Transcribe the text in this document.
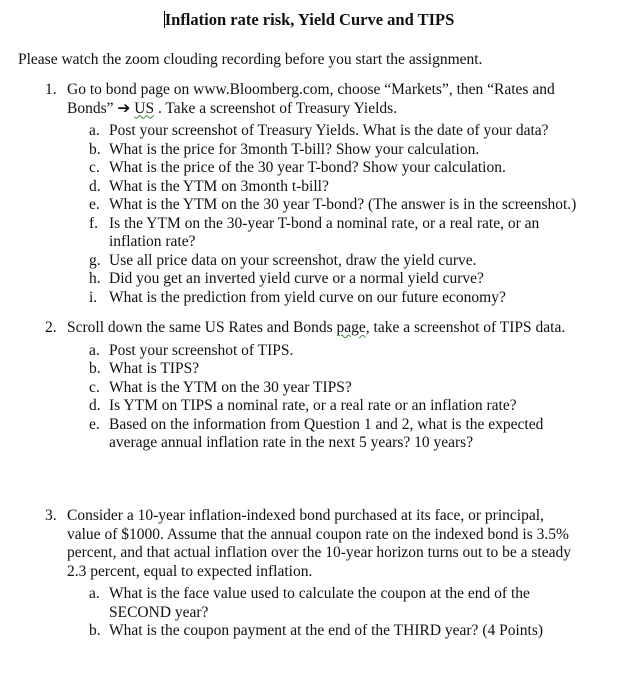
Inflation rate risk, Yield Curve and TIPS
Please watch the zoom clouding recording before you start the assignment.
1. Go to bond page on www.Bloomberg.com, choose “Markets”, then “Rates and
Bonds” ➔ US . Take a screenshot of Treasury Yields.
a. Post your screenshot of Treasury Yields. What is the date of your data?
b. What is the price for 3month T-bill? Show your calculation.
c. What is the price of the 30 year T-bond? Show your calculation.
d. What is the YTM on 3month t-bill?
e. What is the YTM on the 30 year T-bond? (The answer is in the screenshot.)
f. Is the YTM on the 30-year T-bond a nominal rate, or a real rate, or an
inflation rate?
g. Use all price data on your screenshot, draw the yield curve.
h. Did you get an inverted yield curve or a normal yield curve?
i. What is the prediction from yield curve on our future economy?
2. Scroll down the same US Rates and Bonds page, take a screenshot of TIPS data.
a. Post your screenshot of TIPS.
b. What is TIPS?
c. What is the YTM on the 30 year TIPS?
d. Is YTM on TIPS a nominal rate, or a real rate or an inflation rate?
e. Based on the information from Question 1 and 2, what is the expected
average annual inflation rate in the next 5 years? 10 years?
3. Consider a 10-year inflation-indexed bond purchased at its face, or principal,
value of $1000. Assume that the annual coupon rate on the indexed bond is 3.5%
percent, and that actual inflation over the 10-year horizon turns out to be a steady
2.3 percent, equal to expected inflation.
a. What is the face value used to calculate the coupon at the end of the
SECOND year?
b. What is the coupon payment at the end of the THIRD year? (4 Points)
